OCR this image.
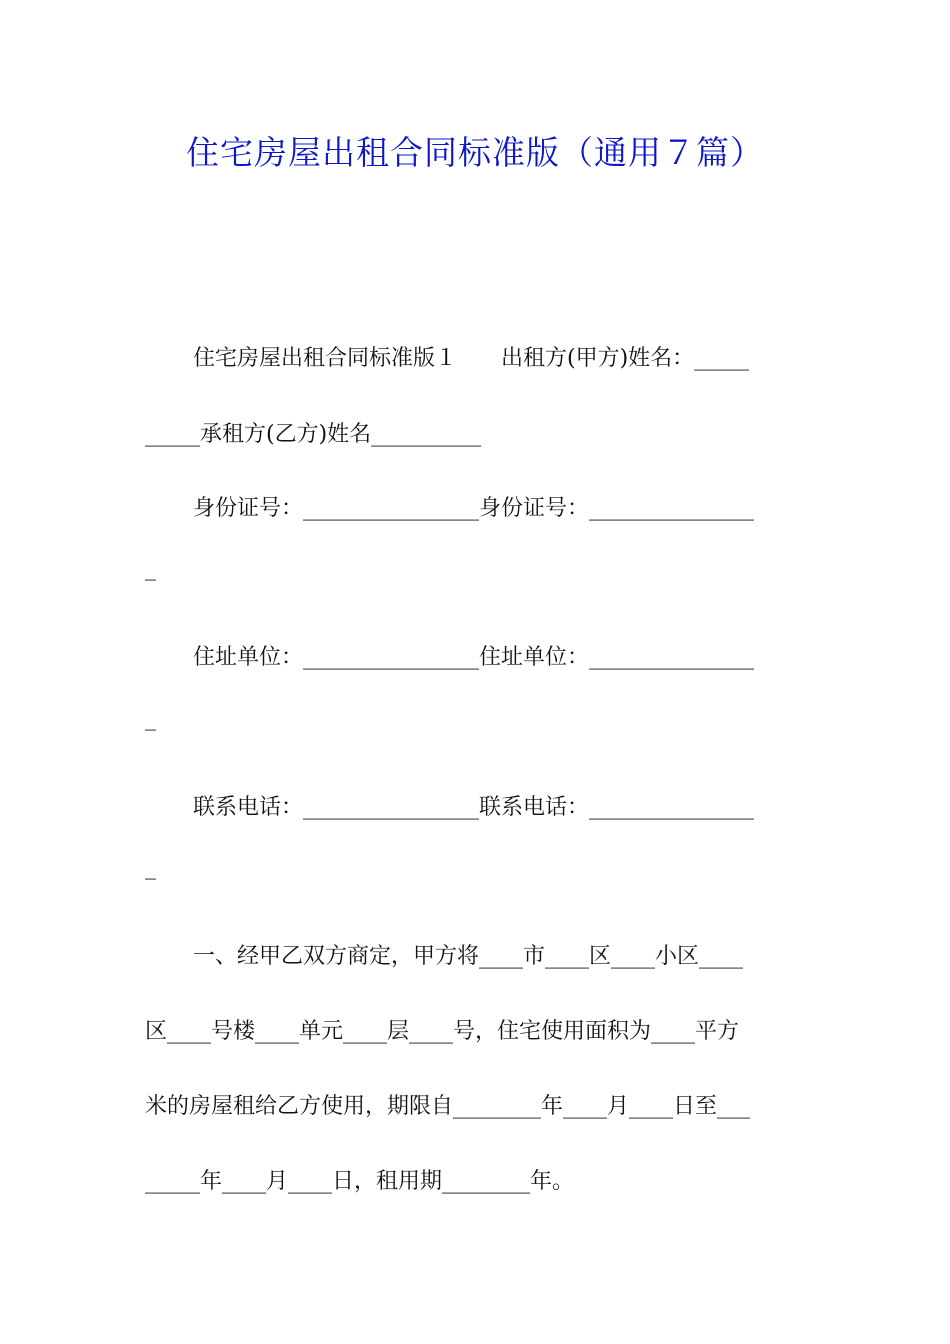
住宅房屋出租合同标准版（通用７篇）
住宅房屋出租合同标准版１　　出租方(甲方)姓名：_____
_____承租方(乙方)姓名__________
身份证号：________________身份证号：_______________
_
住址单位：________________住址单位：_______________
_
联系电话：________________联系电话：_______________
_
一、经甲乙双方商定，甲方将____市____区____小区____
区____号楼____单元____层____号，住宅使用面积为____平方
米的房屋租给乙方使用，期限自________年____月____日至___
_____年____月____日，租用期________年。
